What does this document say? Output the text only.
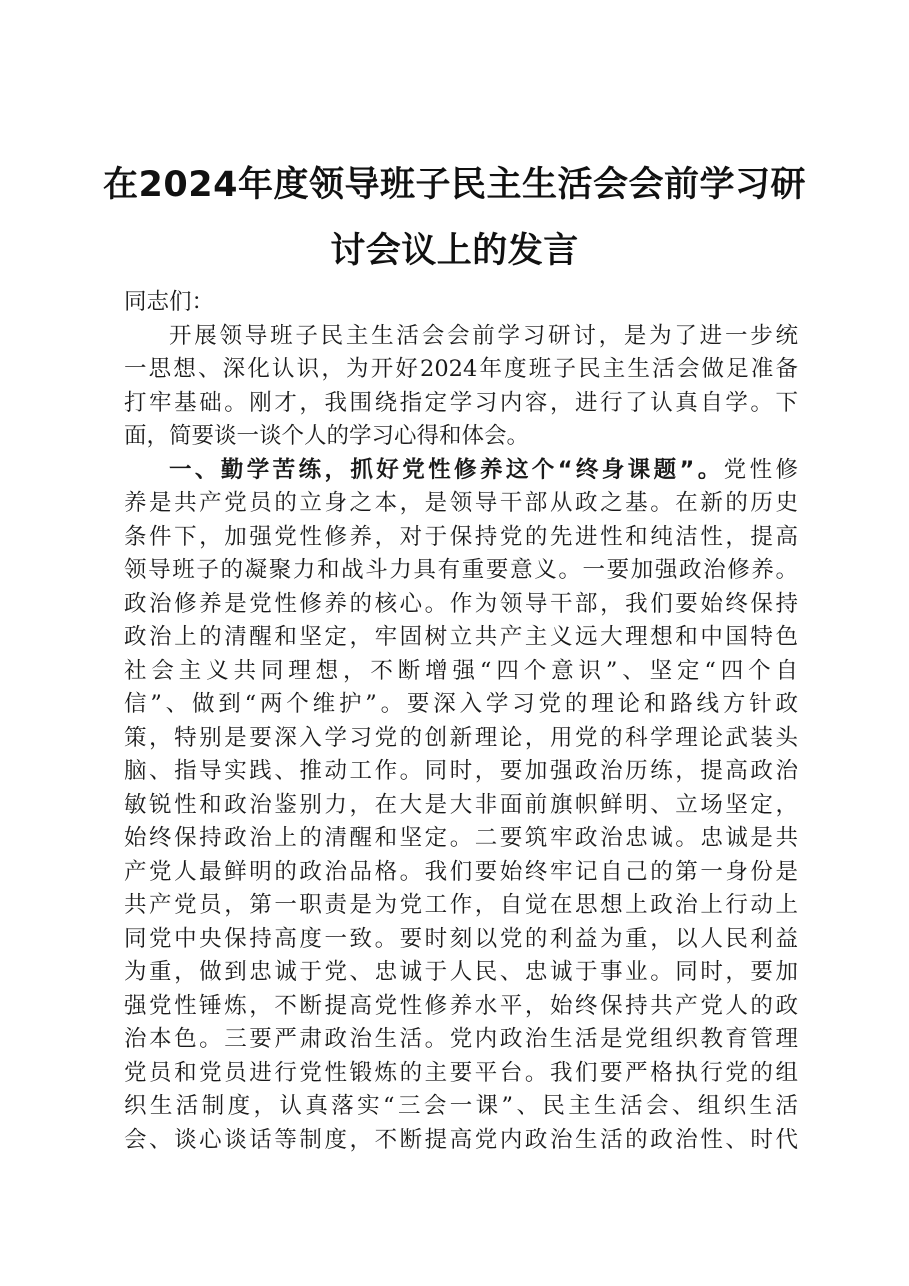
在2024年度领导班子民主生活会会前学习研
讨会议上的发言
同志们：
开展领导班子民主生活会会前学习研讨，是为了进一步统
一思想、深化认识，为开好2024年度班子民主生活会做足准备
打牢基础。刚才，我围绕指定学习内容，进行了认真自学。下
面，简要谈一谈个人的学习心得和体会。
一、勤学苦练，抓好党性修养这个“终身课题”。党性修
养是共产党员的立身之本，是领导干部从政之基。在新的历史
条件下，加强党性修养，对于保持党的先进性和纯洁性，提高
领导班子的凝聚力和战斗力具有重要意义。一要加强政治修养。
政治修养是党性修养的核心。作为领导干部，我们要始终保持
政治上的清醒和坚定，牢固树立共产主义远大理想和中国特色
社会主义共同理想，不断增强“四个意识”、坚定“四个自
信”、做到“两个维护”。要深入学习党的理论和路线方针政
策，特别是要深入学习党的创新理论，用党的科学理论武装头
脑、指导实践、推动工作。同时，要加强政治历练，提高政治
敏锐性和政治鉴别力，在大是大非面前旗帜鲜明、立场坚定，
始终保持政治上的清醒和坚定。二要筑牢政治忠诚。忠诚是共
产党人最鲜明的政治品格。我们要始终牢记自己的第一身份是
共产党员，第一职责是为党工作，自觉在思想上政治上行动上
同党中央保持高度一致。要时刻以党的利益为重，以人民利益
为重，做到忠诚于党、忠诚于人民、忠诚于事业。同时，要加
强党性锤炼，不断提高党性修养水平，始终保持共产党人的政
治本色。三要严肃政治生活。党内政治生活是党组织教育管理
党员和党员进行党性锻炼的主要平台。我们要严格执行党的组
织生活制度，认真落实“三会一课”、民主生活会、组织生活
会、谈心谈话等制度，不断提高党内政治生活的政治性、时代
